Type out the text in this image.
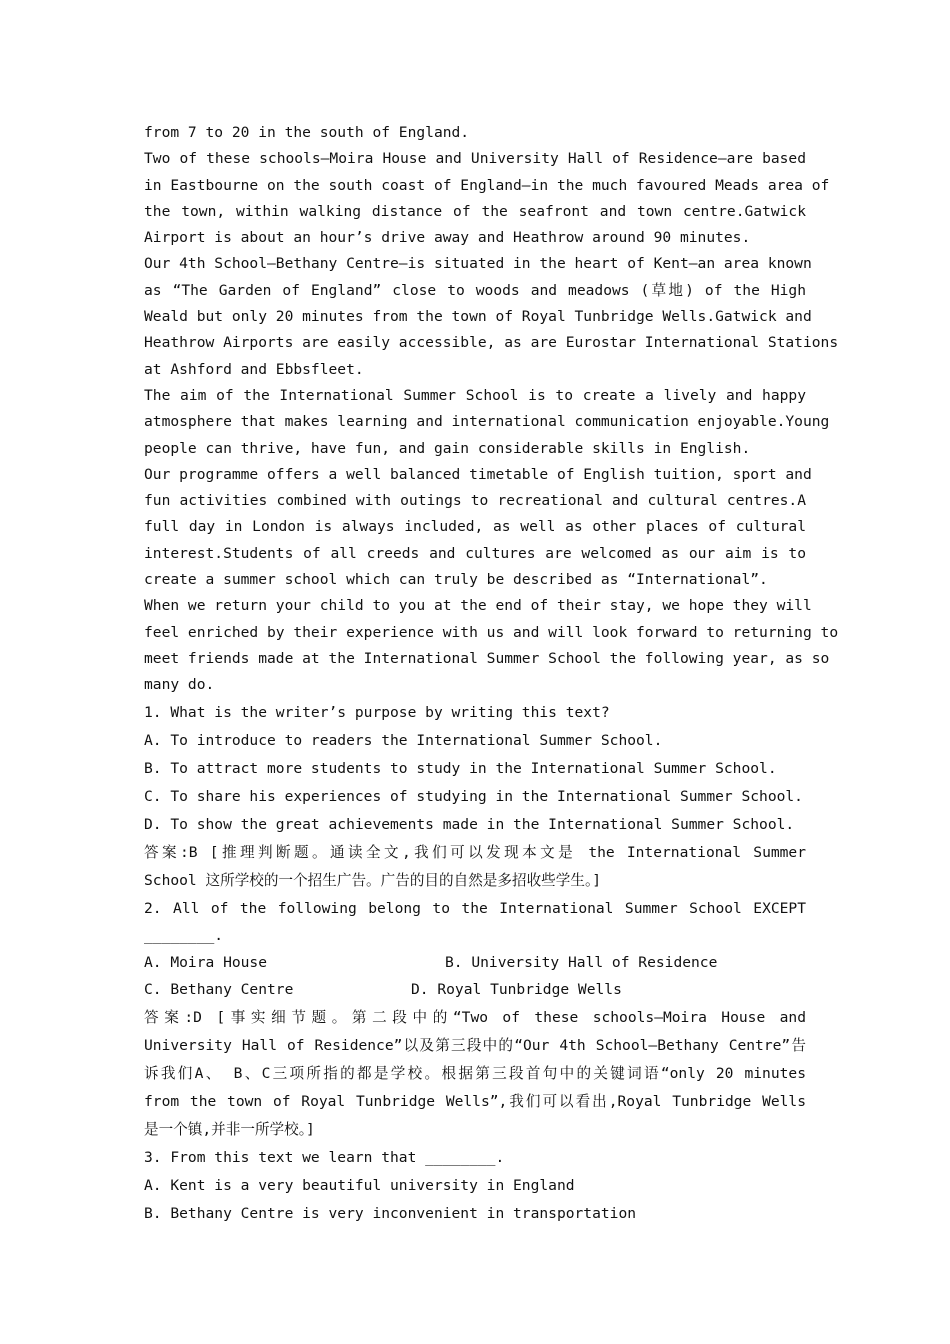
from 7 to 20 in the south of England.
Two of these schools—Moira House and University Hall of Residence—are based
in Eastbourne on the south coast of England—in the much favoured Meads area of
the town, within walking distance of the seafront and town centre.Gatwick
Airport is about an hour’s drive away and Heathrow around 90 minutes.
Our 4th School—Bethany Centre—is situated in the heart of Kent—an area known
as “The Garden of England” close to woods and meadows (草地) of the High
Weald but only 20 minutes from the town of Royal Tunbridge Wells.Gatwick and
Heathrow Airports are easily accessible, as are Eurostar International Stations
at Ashford and Ebbsfleet.
The aim of the International Summer School is to create a lively and happy
atmosphere that makes learning and international communication enjoyable.Young
people can thrive, have fun, and gain considerable skills in English.
Our programme offers a well balanced timetable of English tuition, sport and
fun activities combined with outings to recreational and cultural centres.A
full day in London is always included, as well as other places of cultural
interest.Students of all creeds and cultures are welcomed as our aim is to
create a summer school which can truly be described as “International”.
When we return your child to you at the end of their stay, we hope they will
feel enriched by their experience with us and will look forward to returning to
meet friends made at the International Summer School the following year, as so
many do.
1. What is the writer’s purpose by writing this text?
A. To introduce to readers the International Summer School.
B. To attract more students to study in the International Summer School.
C. To share his experiences of studying in the International Summer School.
D. To show the great achievements made in the International Summer School.
答案:B [推理判断题。通读全文,我们可以发现本文是 the International Summer
School 这所学校的一个招生广告。广告的目的自然是多招收些学生。]
2. All of the following belong to the International Summer School EXCEPT
________.
A. Moira House	B. University Hall of Residence
C. Bethany Centre	D. Royal Tunbridge Wells
答案:D [事实细节题。第二段中的“Two of these schools—Moira House and
University Hall of Residence”以及第三段中的“Our 4th School—Bethany Centre”告
诉我们A、 B、C三项所指的都是学校。根据第三段首句中的关键词语“only 20 minutes
from the town of Royal Tunbridge Wells”,我们可以看出,Royal Tunbridge Wells
是一个镇,并非一所学校。]
3. From this text we learn that ________.
A. Kent is a very beautiful university in England
B. Bethany Centre is very inconvenient in transportation
